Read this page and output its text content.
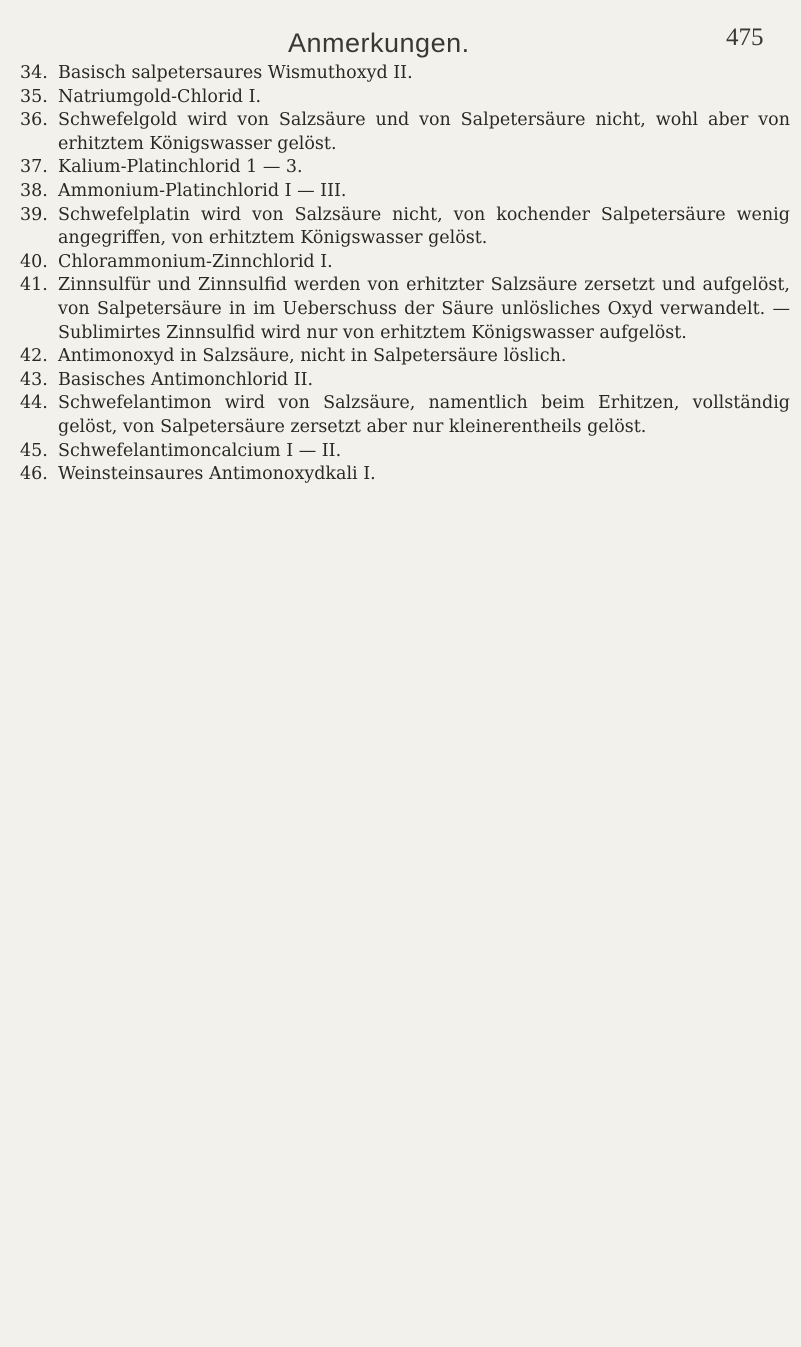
Anmerkungen.	475
34. Basisch salpetersaures Wismuthoxyd II.
35. Natriumgold-Chlorid I.
36. Schwefelgold wird von Salzsäure und von Salpetersäure nicht, wohl aber von erhitztem Königswasser gelöst.
37. Kalium-Platinchlorid 1 — 3.
38. Ammonium-Platinchlorid I — III.
39. Schwefelplatin wird von Salzsäure nicht, von kochender Salpetersäure wenig angegriffen, von erhitztem Königswasser gelöst.
40. Chlorammonium-Zinnchlorid I.
41. Zinnsulfür und Zinnsulfid werden von erhitzter Salzsäure zersetzt und aufgelöst, von Salpetersäure in im Ueberschuss der Säure unlösliches Oxyd verwandelt. — Sublimirtes Zinnsulfid wird nur von erhitztem Königswasser aufgelöst.
42. Antimonoxyd in Salzsäure, nicht in Salpetersäure löslich.
43. Basisches Antimonchlorid II.
44. Schwefelantimon wird von Salzsäure, namentlich beim Erhitzen, vollständig gelöst, von Salpetersäure zersetzt aber nur kleinerentheils gelöst.
45. Schwefelantimoncalcium I — II.
46. Weinsteinsaures Antimonoxydkali I.
